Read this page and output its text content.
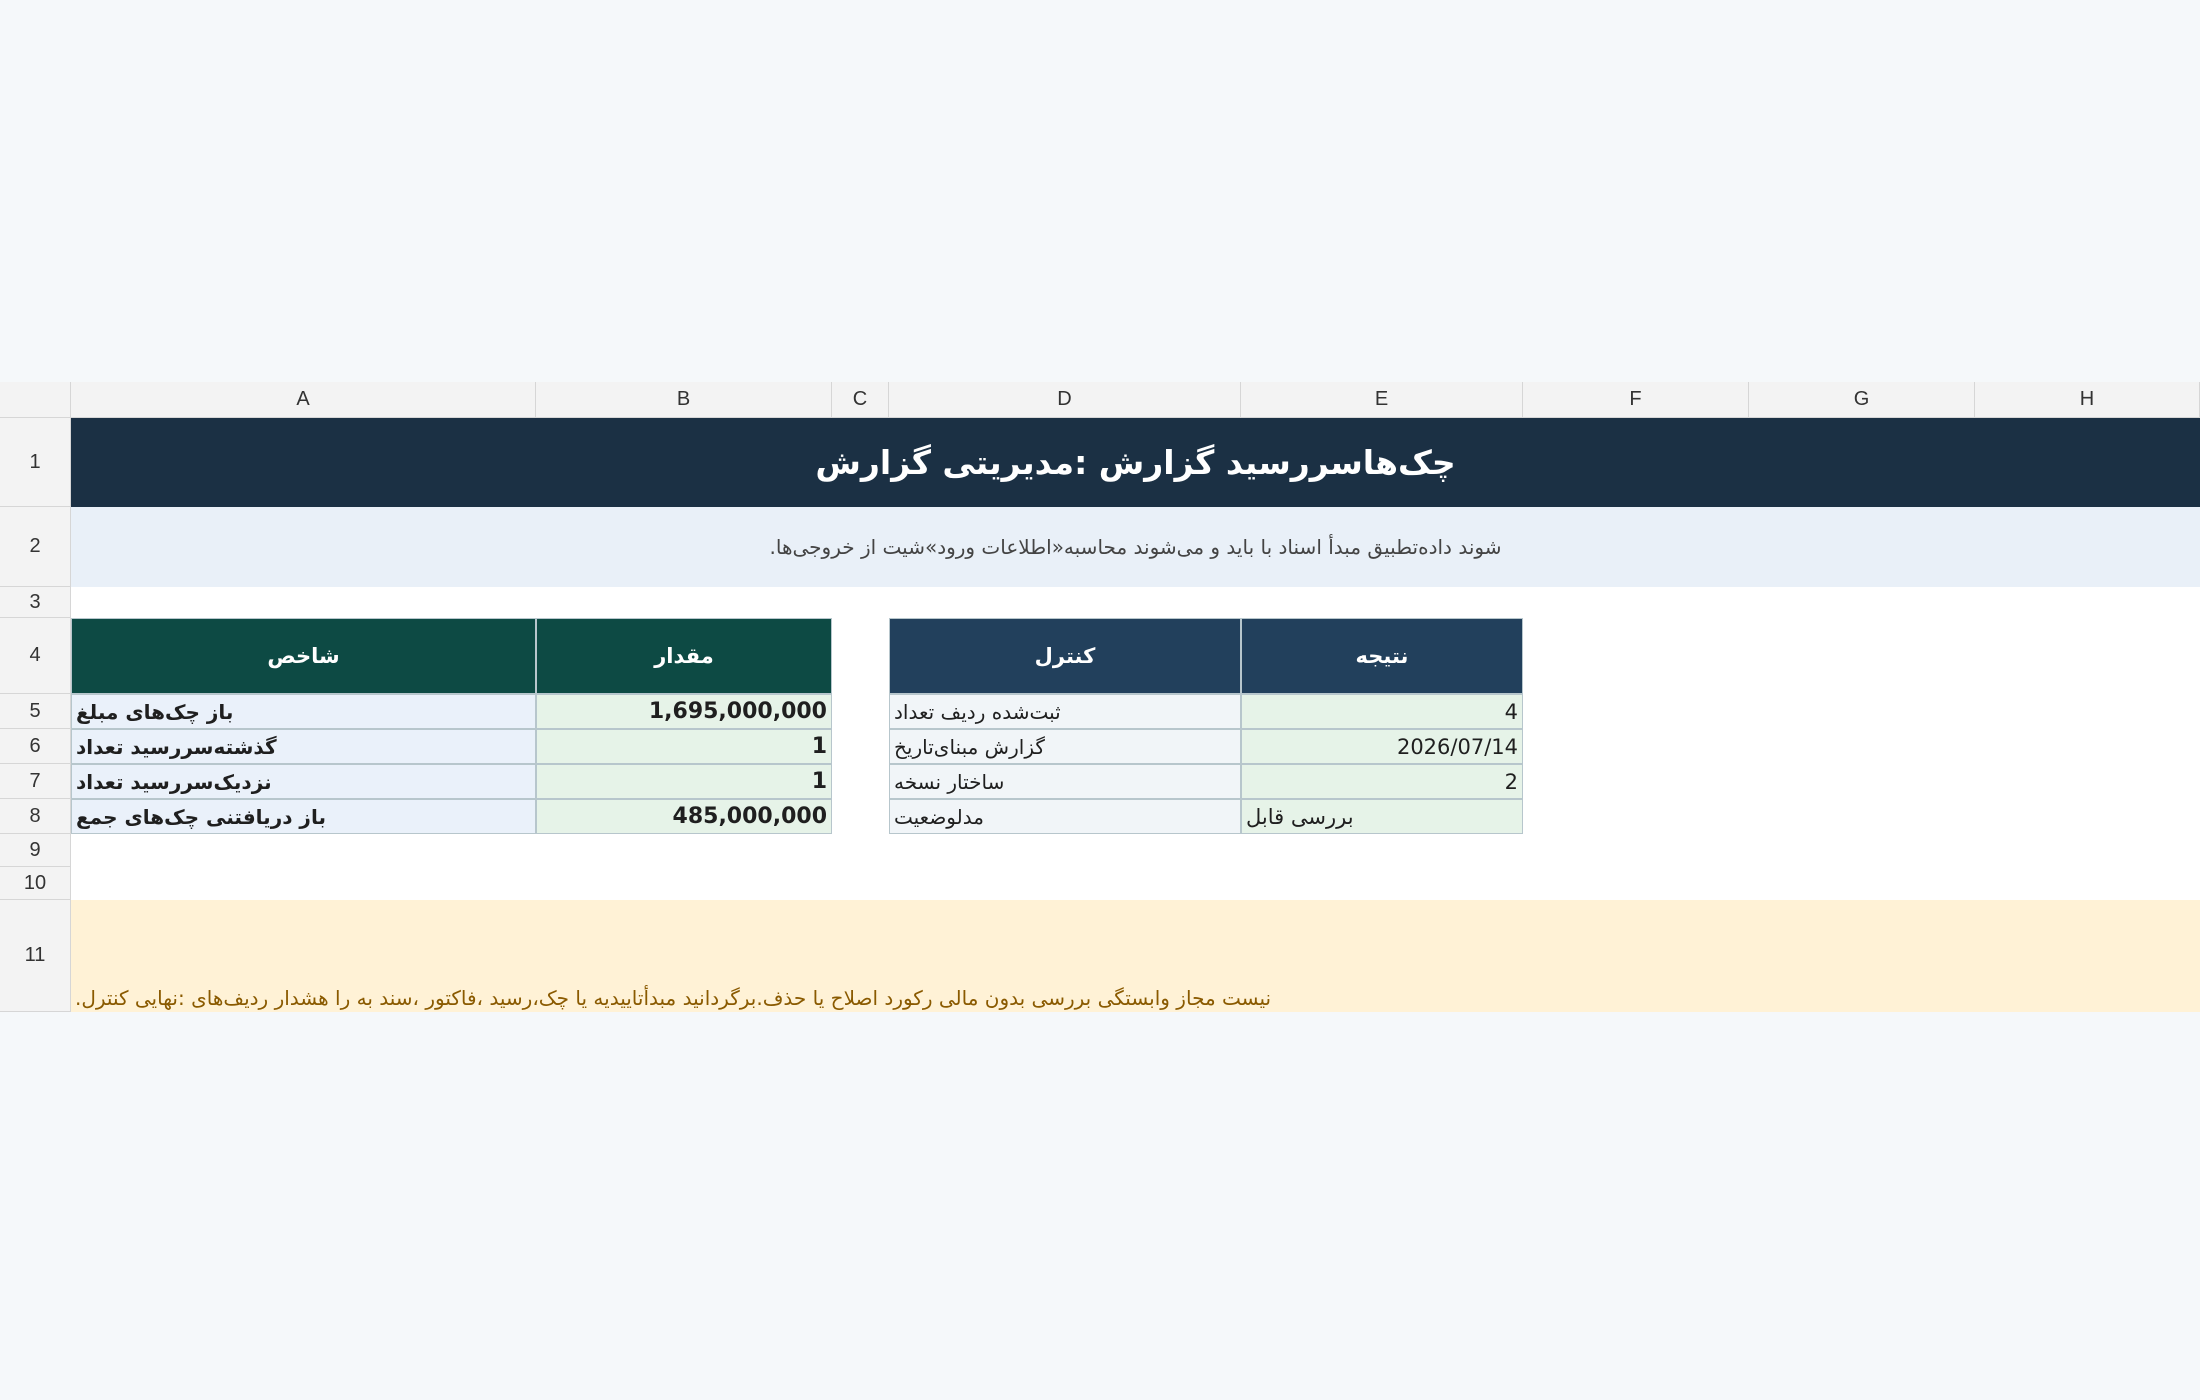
A	B	C	D	E	F	G	H
1	چک‌هاسررسید گزارش :مدیریتی گزارش
2	.شوند داده‌تطبیق مبدأ اسناد با باید و می‌شوند محاسبه«اطلاعات ورود»شیت از خروجی‌ها
3
4	شاخص	مقدار	کنترل	نتیجه
5	باز چک‌های مبلغ	1,695,000,000	ثبت‌شده ردیف تعداد	4
6	گذشته‌سررسید تعداد	1	گزارش مبنای‌تاریخ	2026/07/14
7	نزدیک‌سررسید تعداد	1	ساختار نسخه	2
8	باز دریافتنی چک‌های جمع	485,000,000	مدلوضعیت	بررسی قابل
9
10
11
.نیست مجاز وابستگی بررسی بدون مالی رکورد اصلاح یا حذف.برگردانید مبدأتاییدیه یا چک،رسید ،فاکتور ،سند به را هشدار ردیف‌های :نهایی کنترل
